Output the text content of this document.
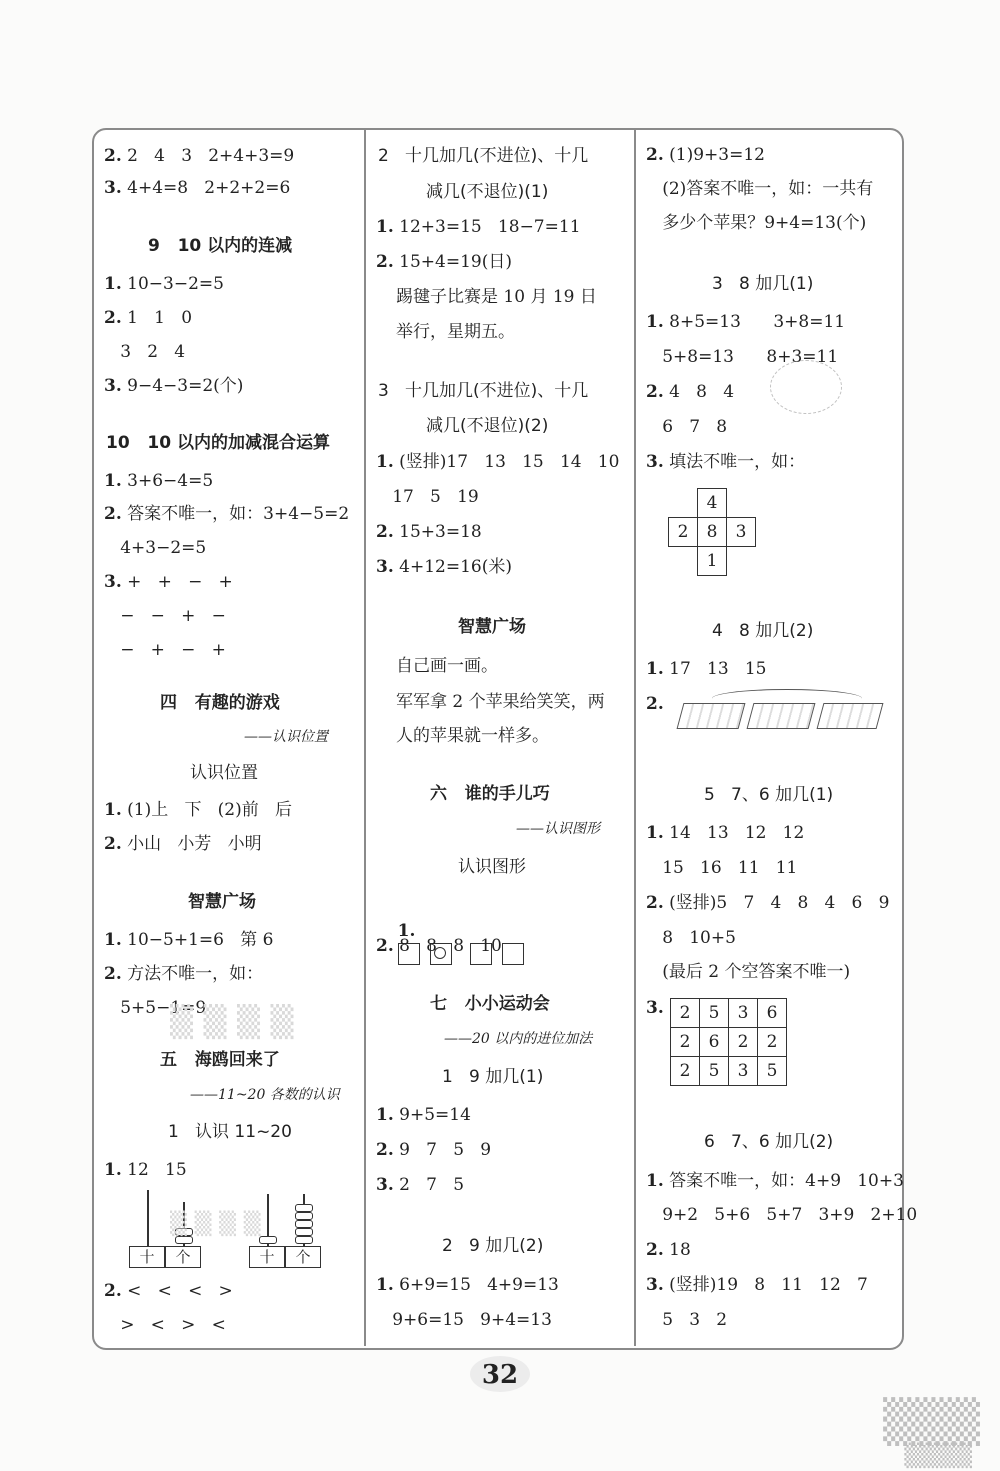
2. 2   4   3   2+4+3=9
3. 4+4=8   2+2+2=6
9   10 以内的连减
1. 10−3−2=5
2. 1   1   0
3   2   4
3. 9−4−3=2(个)
10   10 以内的加减混合运算
1. 3+6−4=5
2. 答案不唯一，如：3+4−5=2
4+3−2=5
3. +   +   −   +
−   −   +   −
−   +   −   +
四   有趣的游戏
——认识位置
认识位置
1. (1)上   下   (2)前   后
2. 小山   小芳   小明
智慧广场
1. 10−5+1=6   第 6
2. 方法不唯一，如：
5+5−1=9
五   海鸥回来了
——11~20 各数的认识
1   认识 11~20
1. 12   15
十	个	十	个
2. <   <   <   >
>   <   >   <
2   十几加几(不进位)、十几
减几(不退位)(1)
1. 12+3=15   18−7=11
2. 15+4=19(日)
踢毽子比赛是 10 月 19 日
举行，星期五。
3   十几加几(不进位)、十几
减几(不退位)(2)
1. (竖排)17   13   15   14   10
17   5   19
2. 15+3=18
3. 4+12=16(米)
智慧广场
自己画一画。
军军拿 2 个苹果给笑笑，两
人的苹果就一样多。
六   谁的手儿巧
——认识图形
认识图形

1.

2. 8   8   8   10
七   小小运动会
——20 以内的进位加法
1   9 加几(1)
1. 9+5=14
2. 9   7   5   9
3. 2   7   5
2   9 加几(2)
1. 6+9=15   4+9=13
9+6=15   9+4=13
2. (1)9+3=12
(2)答案不唯一，如：一共有
多少个苹果？9+4=13(个)
3   8 加几(1)
1. 8+5=13      3+8=11
5+8=13      8+3=11
2. 4   8   4
6   7   8
3. 填法不唯一，如：
	4	
2	8	3
	1	
4   8 加几(2)
1. 17   13   15
2.
5   7、6 加几(1)
1. 14   13   12   12
15   16   11   11
2. (竖排)5   7   4   8   4   6   9
8   10+5
(最后 2 个空答案不唯一)
3. 2	5	3	6
2	6	2	2
2	5	3	5
6   7、6 加几(2)
1. 答案不唯一，如：4+9   10+3
9+2   5+6   5+7   3+9   2+10
2. 18
3. (竖排)19   8   11   12   7
5   3   2
32
▒ ▒ ▒ ▒
▒ ▒ ▒ ▒
▒▒▒
▒▒▒▒
